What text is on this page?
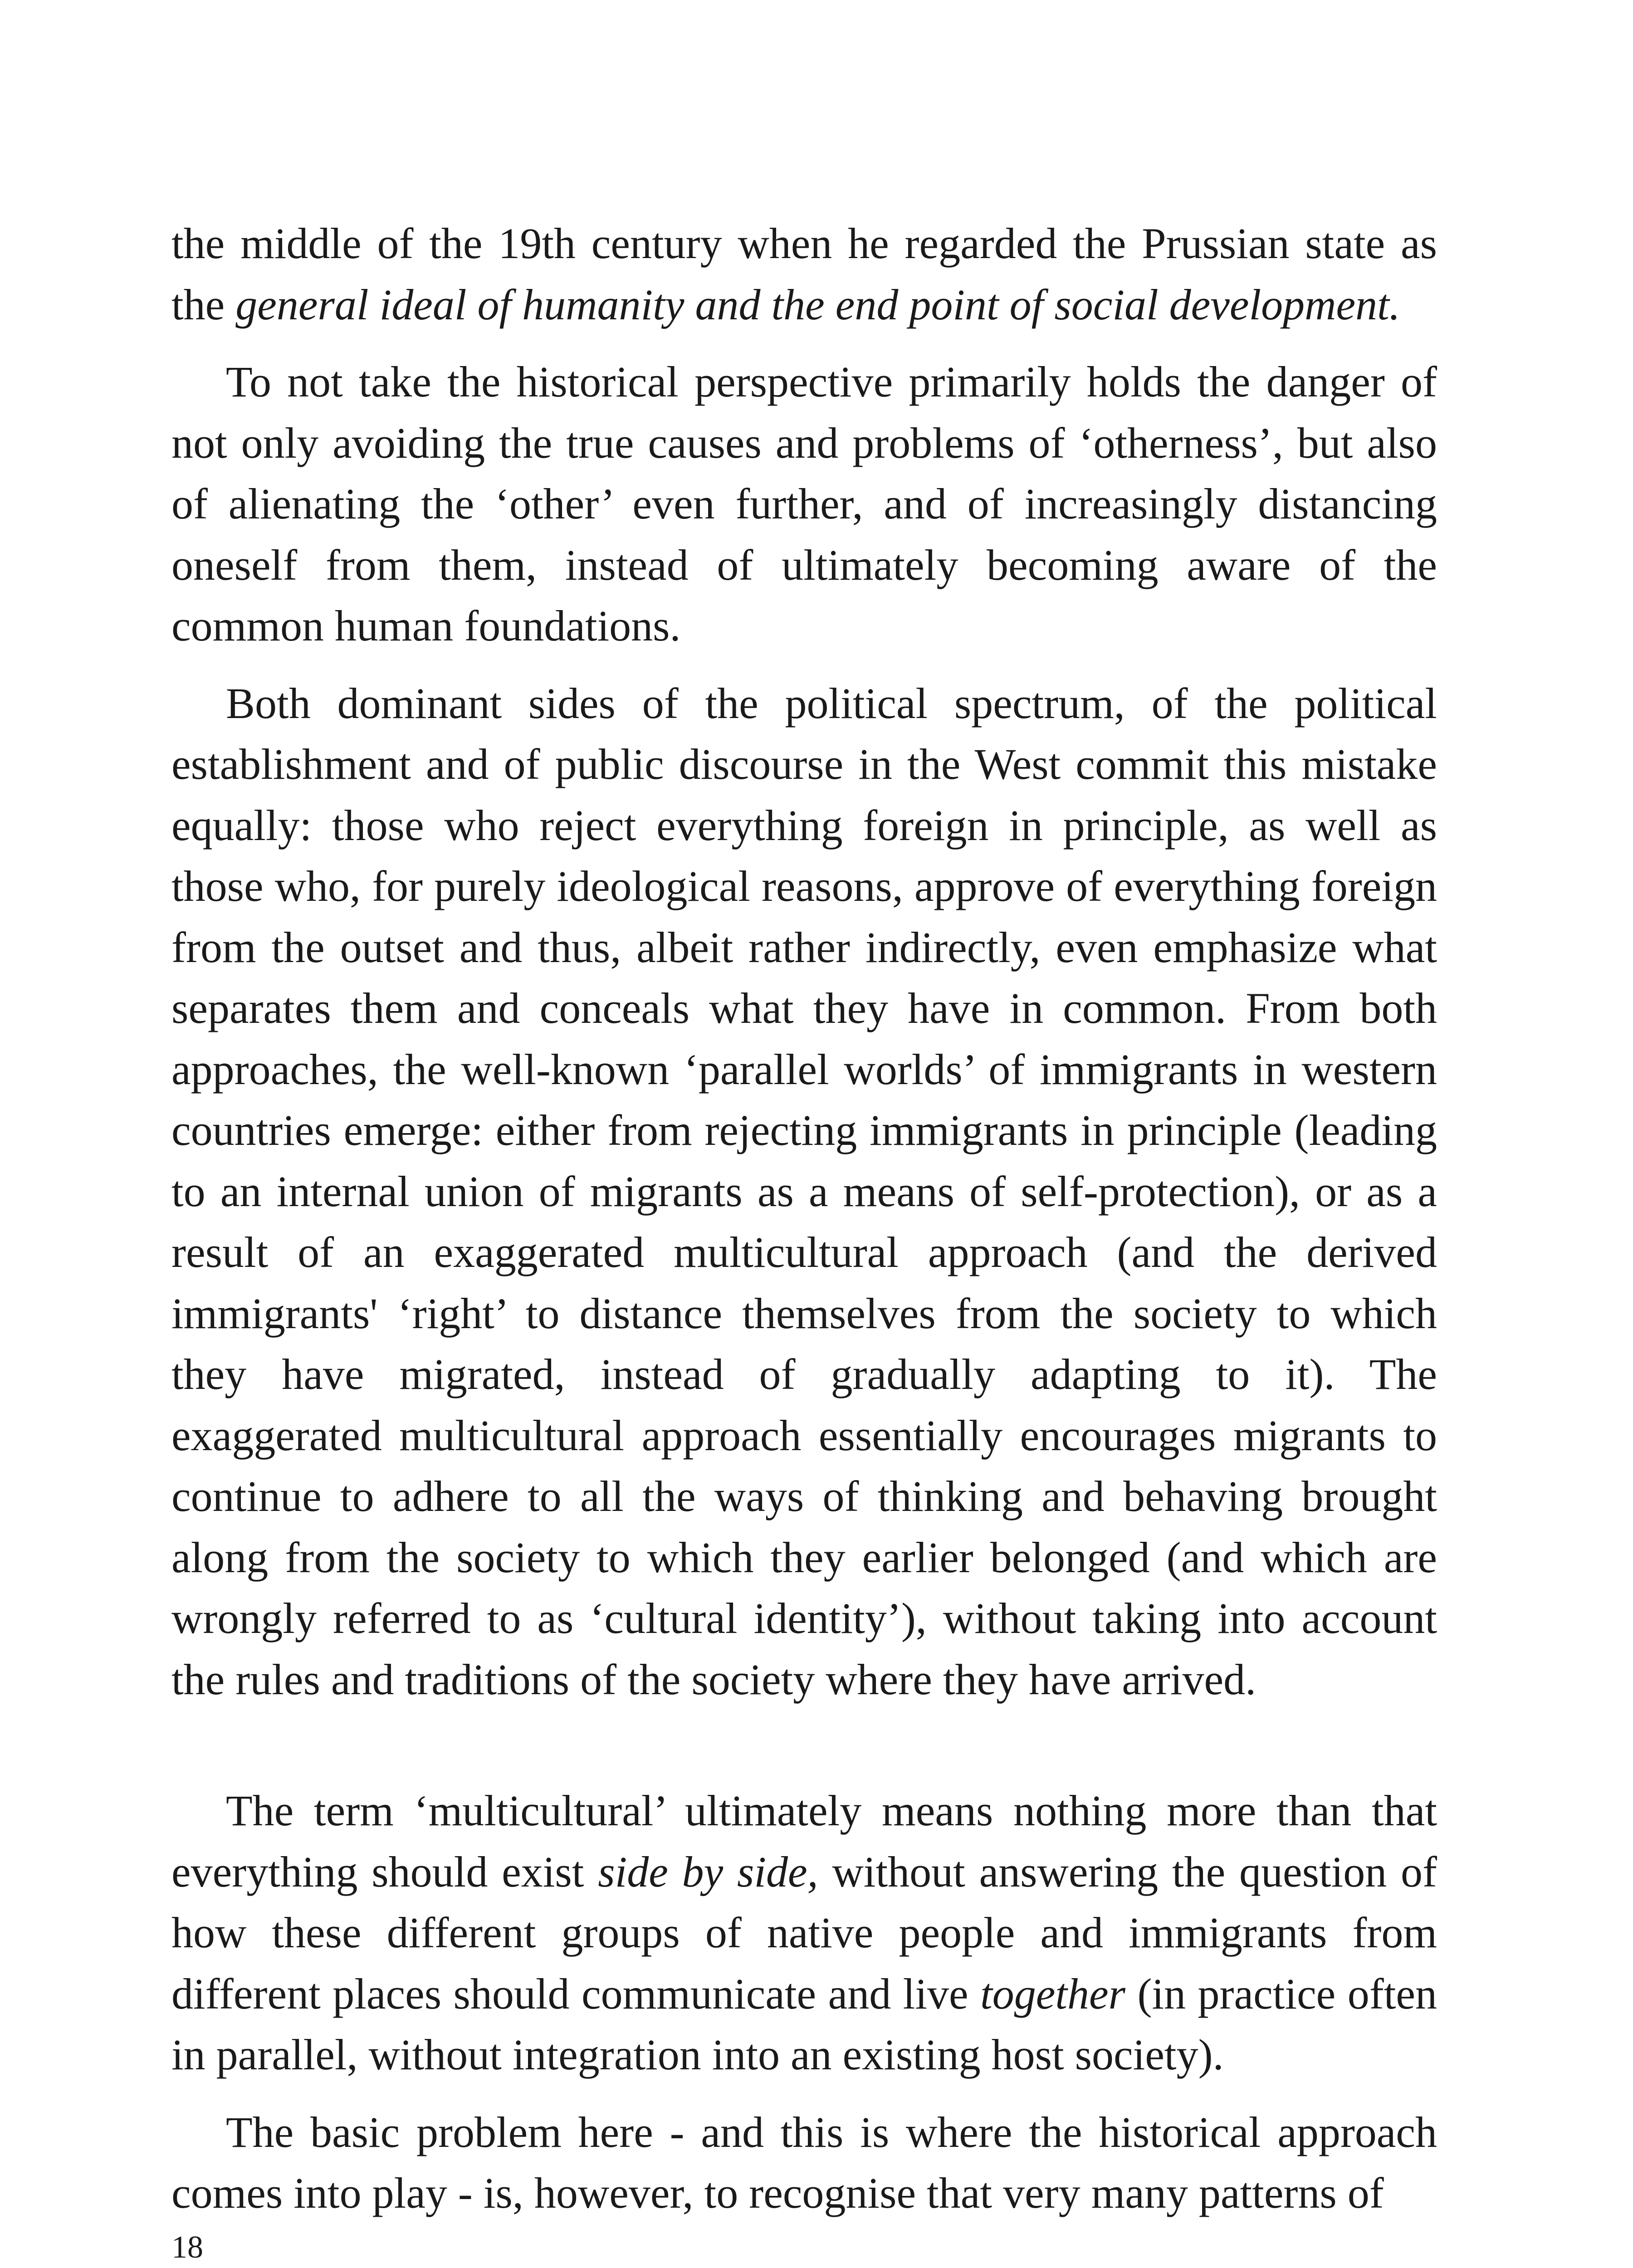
the middle of the 19th century when he regarded the Prussian state as the general ideal of humanity and the end point of social development.

To not take the historical perspective primarily holds the danger of not only avoiding the true causes and problems of ‘otherness’, but also of alienating the ‘other’ even further, and of increasingly distancing oneself from them, instead of ultimately becoming aware of the common human foundations.

Both dominant sides of the political spectrum, of the political establishment and of public discourse in the West commit this mistake equally: those who reject everything foreign in principle, as well as those who, for purely ideological reasons, approve of everything foreign from the outset and thus, albeit rather indirectly, even emphasize what separates them and conceals what they have in common. From both approaches, the well-known ‘parallel worlds’ of immigrants in western countries emerge: either from rejecting immigrants in principle (leading to an internal union of migrants as a means of self-protection), or as a result of an exaggerated multicultural approach (and the derived immigrants' ‘right’ to distance themselves from the society to which they have migrated, instead of gradually adapting to it). The exaggerated multicultural approach essentially encourages migrants to continue to adhere to all the ways of thinking and behaving brought along from the society to which they earlier belonged (and which are wrongly referred to as ‘cultural identity’), without taking into account the rules and traditions of the society where they have arrived.

The term ‘multicultural’ ultimately means nothing more than that everything should exist side by side, without answering the question of how these different groups of native people and immigrants from different places should communicate and live together (in practice often in parallel, without integration into an existing host society).

The basic problem here - and this is where the historical approach comes into play - is, however, to recognise that very many patterns of

18
